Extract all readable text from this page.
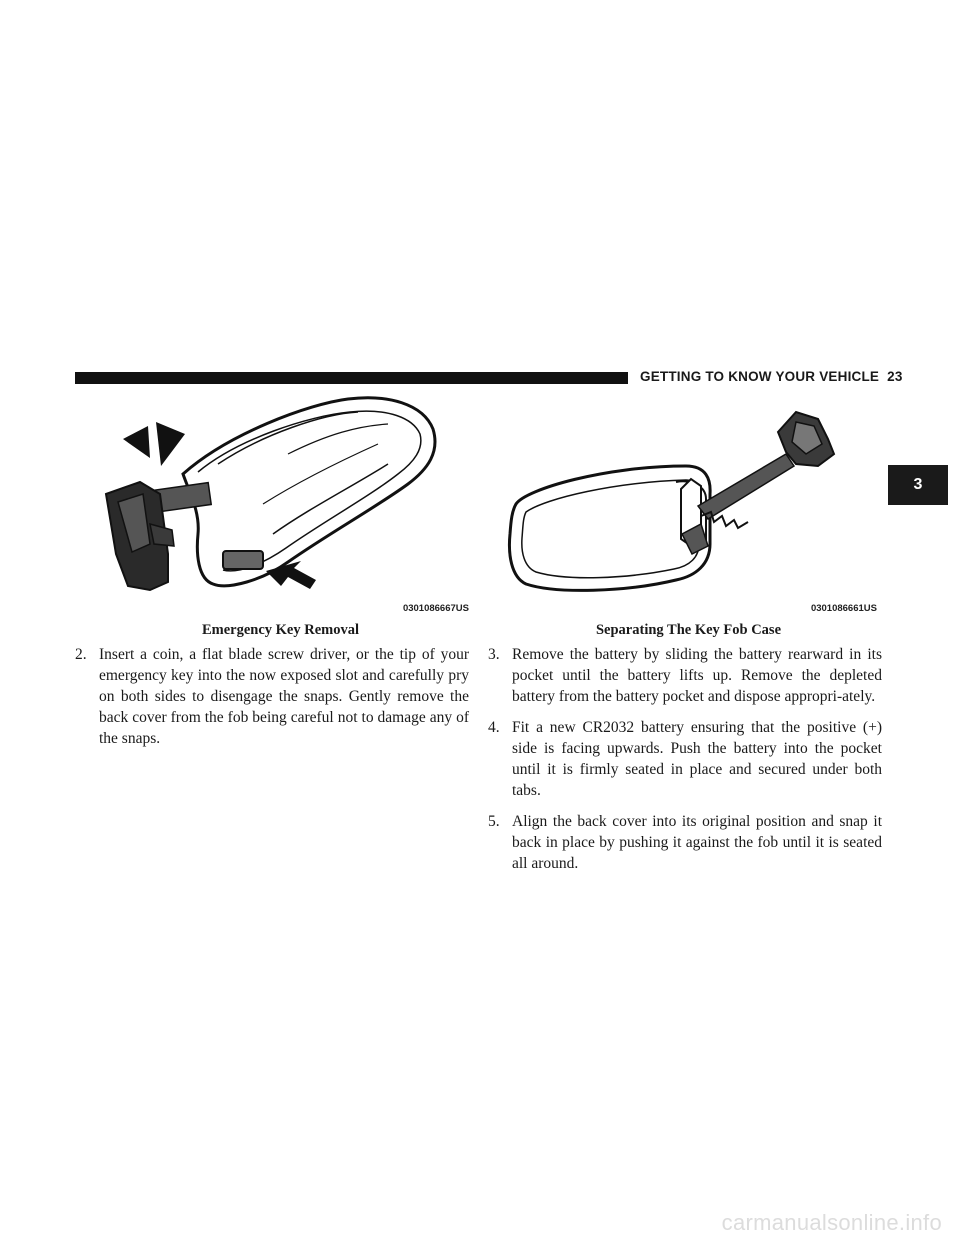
GETTING TO KNOW YOUR VEHICLE 23
3
0301086667US	0301086661US
Emergency Key Removal	Separating The Key Fob Case
2. Insert a coin, a flat blade screw driver, or the tip of your emergency key into the now exposed slot and carefully pry on both sides to disengage the snaps. Gently remove the back cover from the fob being careful not to damage any of the snaps.
3. Remove the battery by sliding the battery rearward in its pocket until the battery lifts up. Remove the depleted battery from the battery pocket and dispose appropri-ately.
4. Fit a new CR2032 battery ensuring that the positive (+) side is facing upwards. Push the battery into the pocket until it is firmly seated in place and secured under both tabs.
5. Align the back cover into its original position and snap it back in place by pushing it against the fob until it is seated all around.
carmanualsonline.info
